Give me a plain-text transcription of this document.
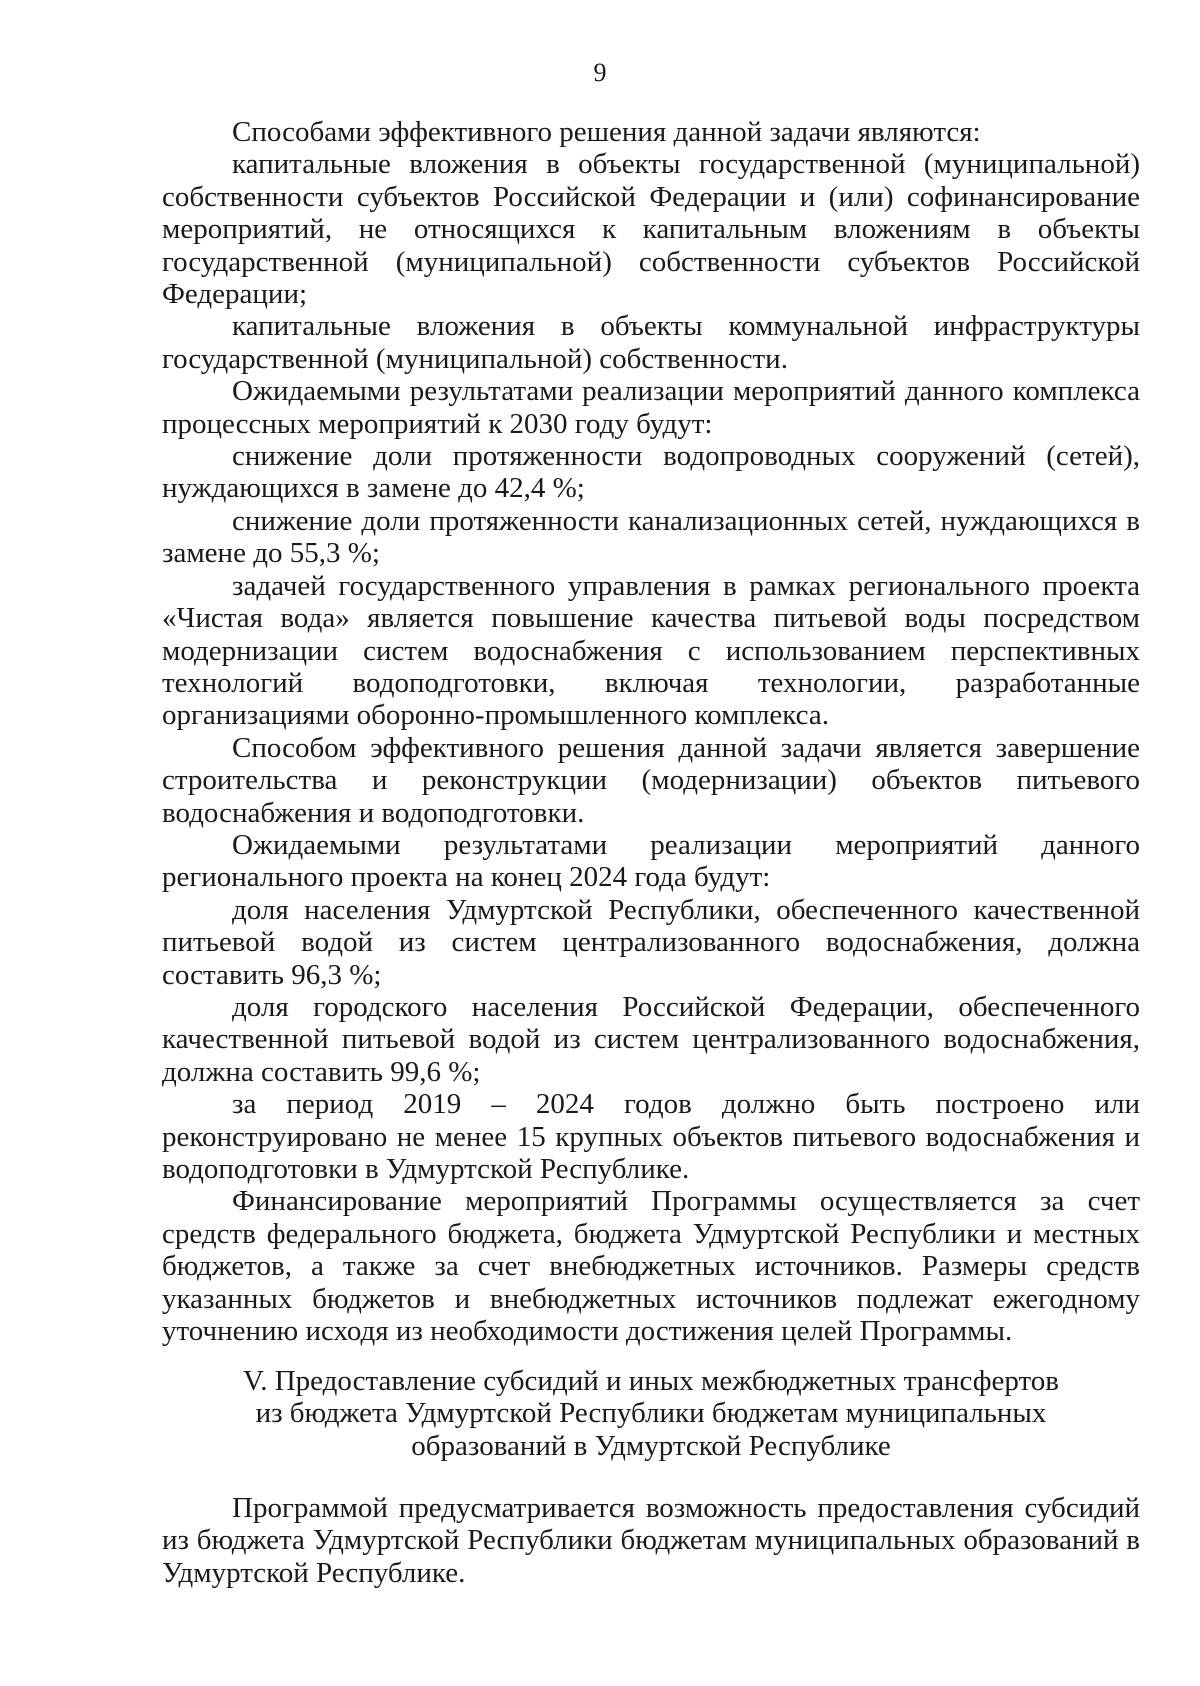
9

Способами эффективного решения данной задачи являются:

капитальные вложения в объекты государственной (муниципальной) собственности субъектов Российской Федерации и (или) софинансирование мероприятий, не относящихся к капитальным вложениям в объекты государственной (муниципальной) собственности субъектов Российской Федерации;

капитальные вложения в объекты коммунальной инфраструктуры государственной (муниципальной) собственности.

Ожидаемыми результатами реализации мероприятий данного комплекса процессных мероприятий к 2030 году будут:

снижение доли протяженности водопроводных сооружений (сетей), нуждающихся в замене до 42,4 %;

снижение доли протяженности канализационных сетей, нуждающихся в замене до 55,3 %;

задачей государственного управления в рамках регионального проекта «Чистая вода» является повышение качества питьевой воды посредством модернизации систем водоснабжения с использованием перспективных технологий водоподготовки, включая технологии, разработанные организациями оборонно-промышленного комплекса.

Способом эффективного решения данной задачи является завершение строительства и реконструкции (модернизации) объектов питьевого водоснабжения и водоподготовки.

Ожидаемыми результатами реализации мероприятий данного регионального проекта на конец 2024 года будут:

доля населения Удмуртской Республики, обеспеченного качественной питьевой водой из систем централизованного водоснабжения, должна составить 96,3 %;

доля городского населения Российской Федерации, обеспеченного качественной питьевой водой из систем централизованного водоснабжения, должна составить 99,6 %;

за период 2019 – 2024 годов должно быть построено или реконструировано не менее 15 крупных объектов питьевого водоснабжения и водоподготовки в Удмуртской Республике.

Финансирование мероприятий Программы осуществляется за счет средств федерального бюджета, бюджета Удмуртской Республики и местных бюджетов, а также за счет внебюджетных источников. Размеры средств указанных бюджетов и внебюджетных источников подлежат ежегодному уточнению исходя из необходимости достижения целей Программы.

V. Предоставление субсидий и иных межбюджетных трансфертов
из бюджета Удмуртской Республики бюджетам муниципальных
образований в Удмуртской Республике

Программой предусматривается возможность предоставления субсидий из бюджета Удмуртской Республики бюджетам муниципальных образований в Удмуртской Республике.
